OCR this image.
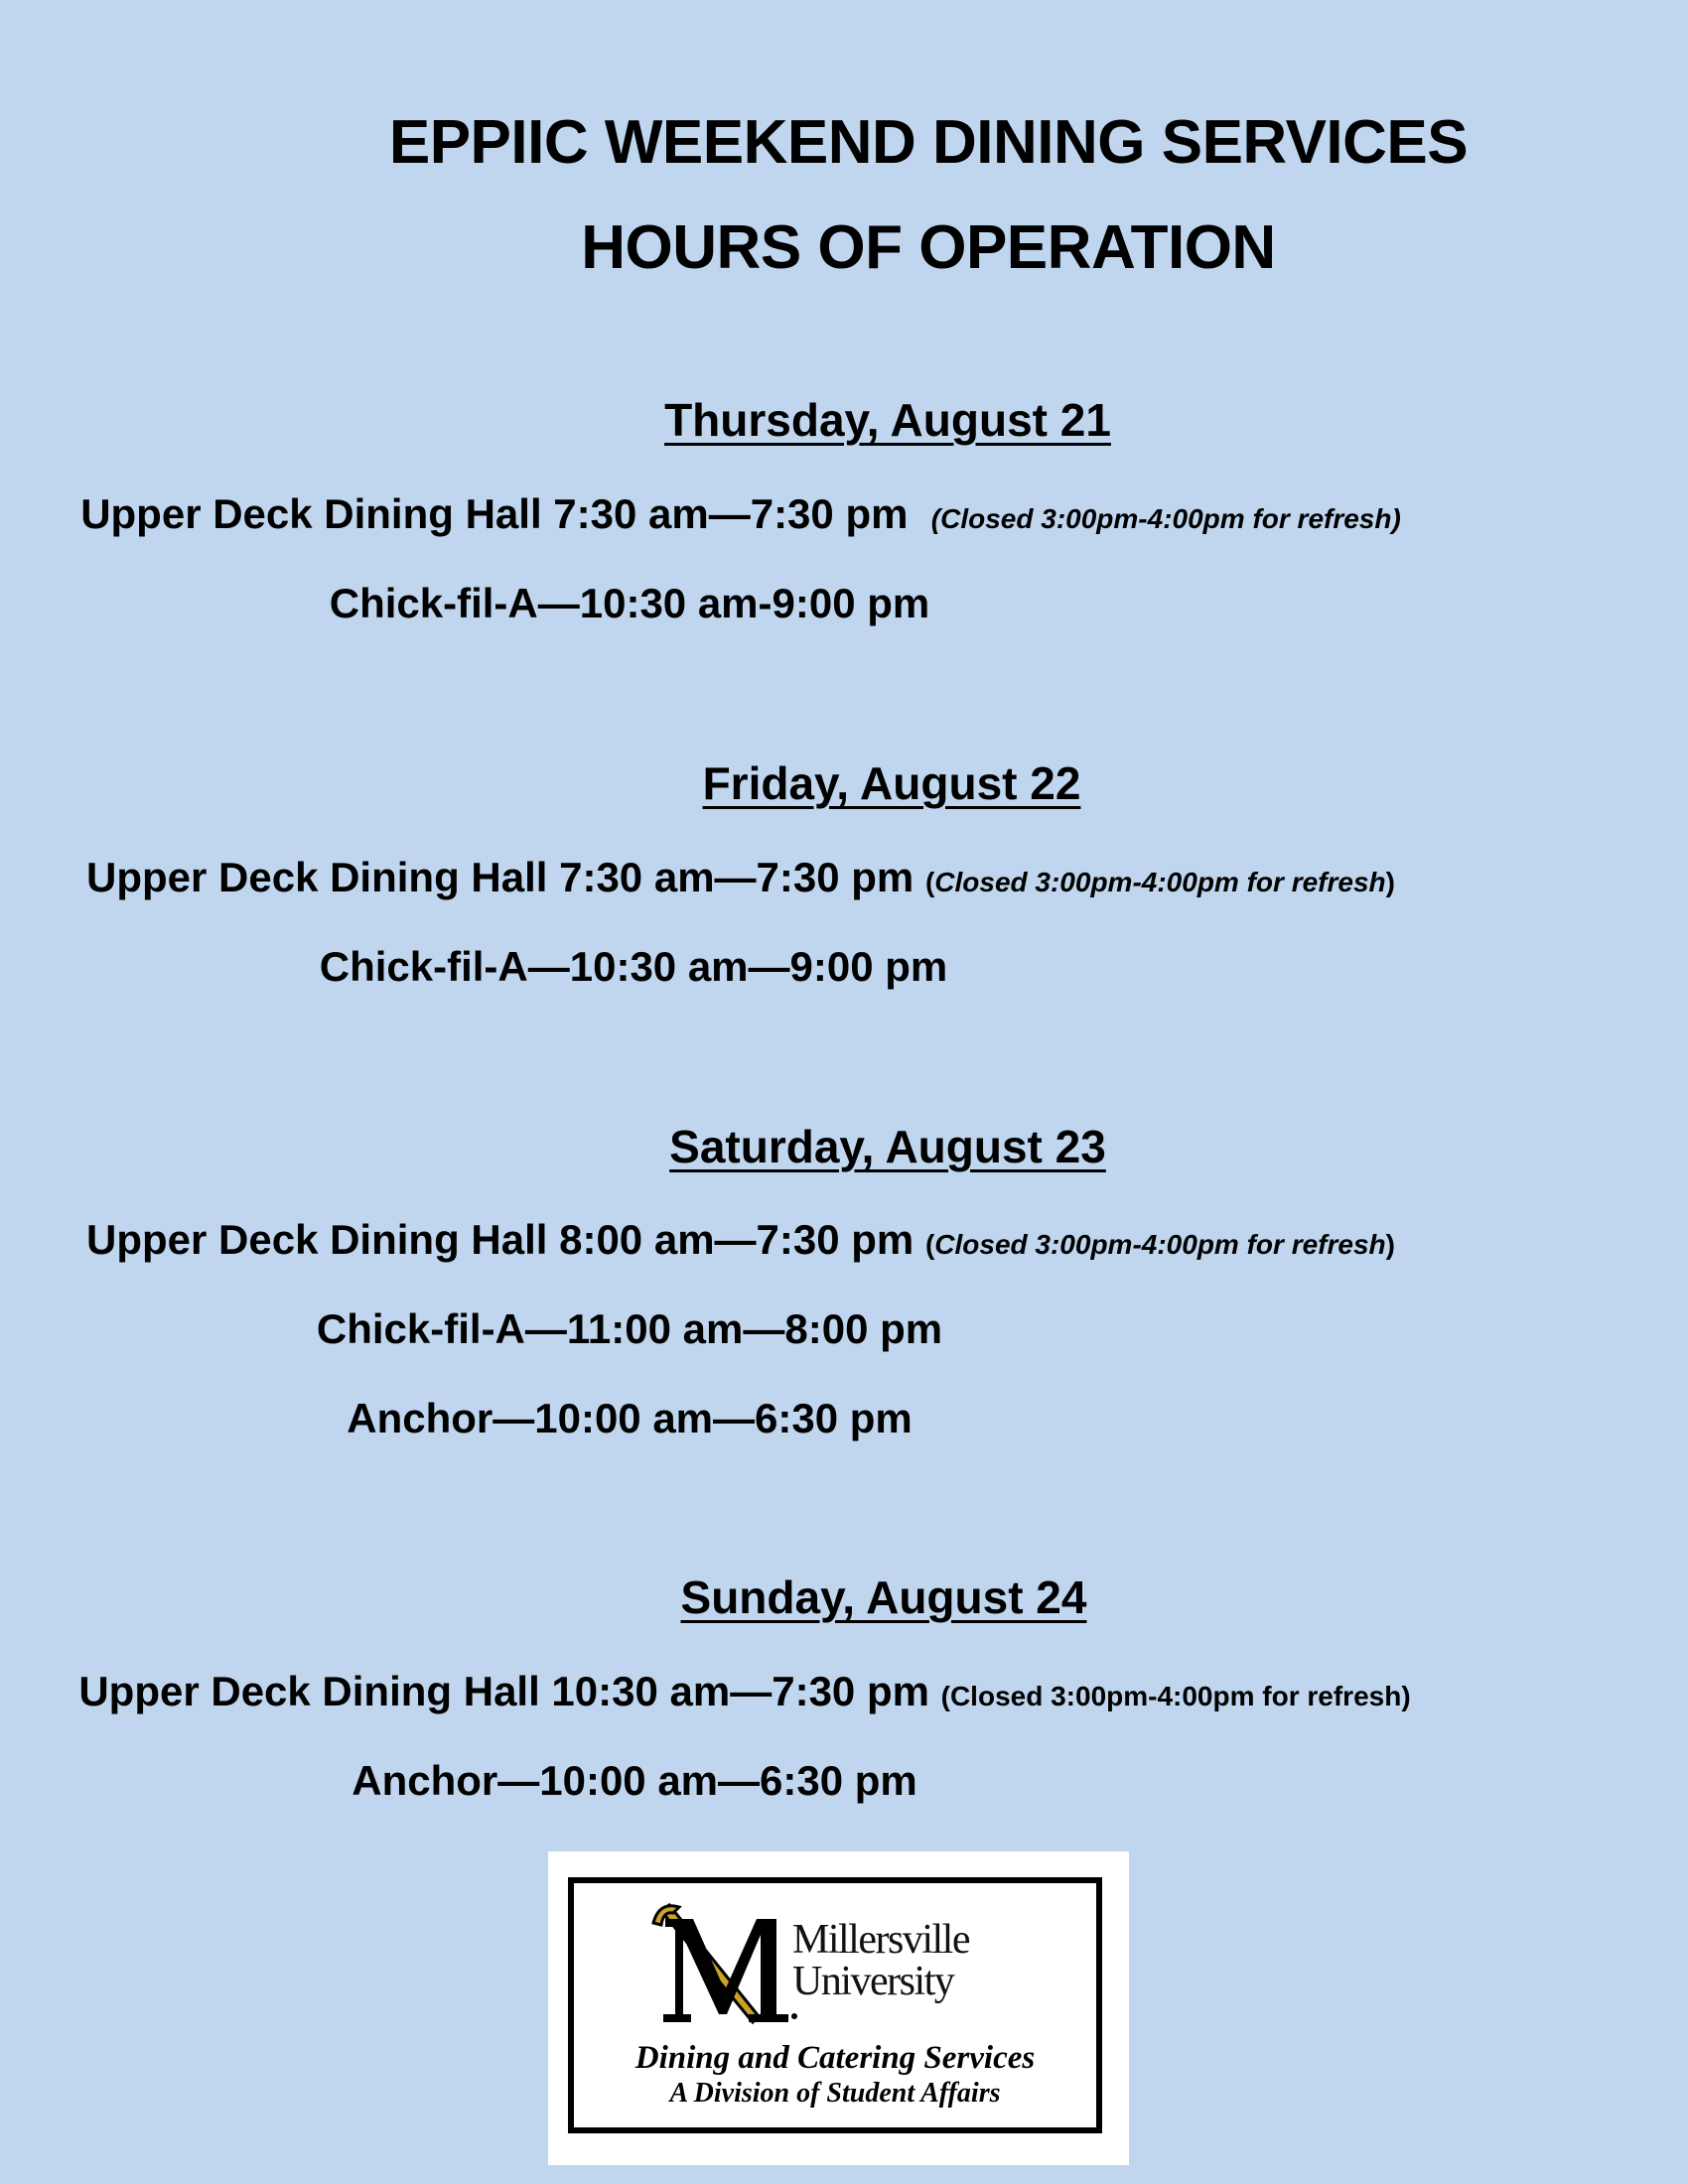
EPPIIC WEEKEND DINING SERVICES
HOURS OF OPERATION
Thursday, August 21
Upper Deck Dining Hall 7:30 am—7:30 pm (Closed 3:00pm-4:00pm for refresh)
Chick-fil-A—10:30 am-9:00 pm
Friday, August 22
Upper Deck Dining Hall 7:30 am—7:30 pm (Closed 3:00pm-4:00pm for refresh)
Chick-fil-A—10:30 am—9:00 pm
Saturday, August 23
Upper Deck Dining Hall 8:00 am—7:30 pm (Closed 3:00pm-4:00pm for refresh)
Chick-fil-A—11:00 am—8:00 pm
Anchor—10:00 am—6:30 pm
Sunday, August 24
Upper Deck Dining Hall 10:30 am—7:30 pm (Closed 3:00pm-4:00pm for refresh)
Anchor—10:00 am—6:30 pm
Millersville
University
Dining and Catering Services
A Division of Student Affairs
